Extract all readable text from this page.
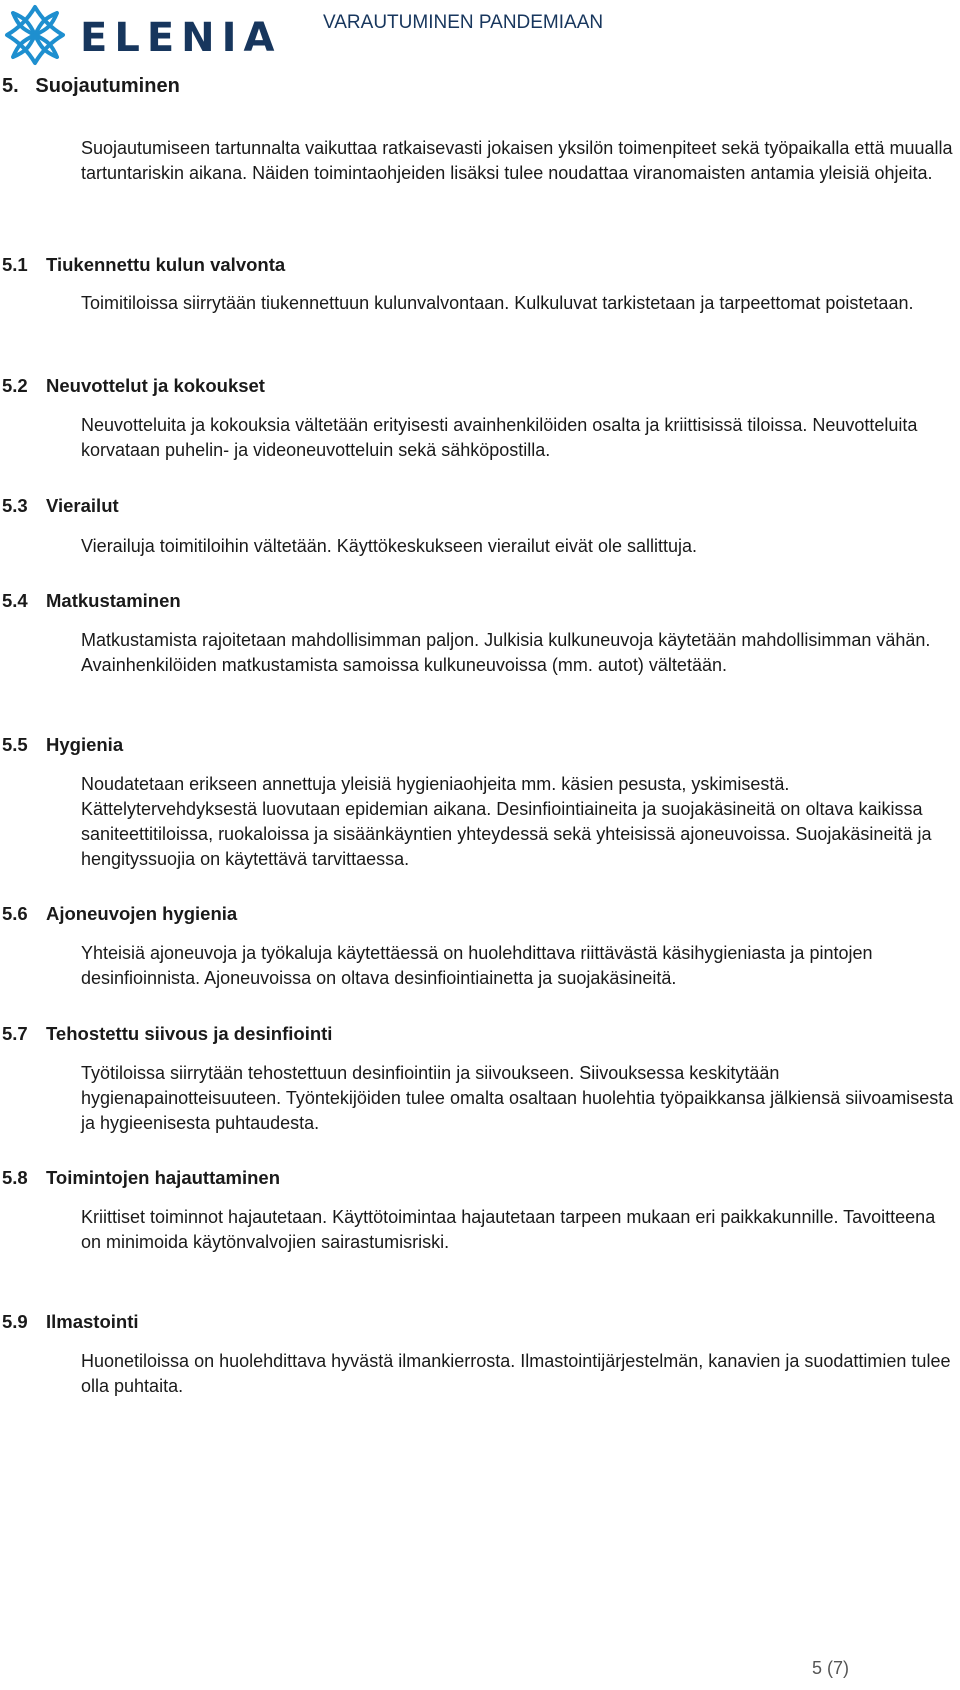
ELENIA VARAUTUMINEN PANDEMIAAN
5.   Suojautuminen
Suojautumiseen tartunnalta vaikuttaa ratkaisevasti jokaisen yksilön toimenpiteet sekä työpaikalla että muualla tartuntariskin aikana. Näiden toimintaohjeiden lisäksi tulee noudattaa viranomaisten antamia yleisiä ohjeita.
5.1 Tiukennettu kulun valvonta
Toimitiloissa siirrytään tiukennettuun kulunvalvontaan. Kulkuluvat tarkistetaan ja tarpeettomat poistetaan.
5.2 Neuvottelut ja kokoukset
Neuvotteluita ja kokouksia vältetään erityisesti avainhenkilöiden osalta ja kriittisissä tiloissa. Neuvotteluita korvataan puhelin- ja videoneuvotteluin sekä sähköpostilla.
5.3 Vierailut
Vierailuja toimitiloihin vältetään. Käyttökeskukseen vierailut eivät ole sallittuja.
5.4 Matkustaminen
Matkustamista rajoitetaan mahdollisimman paljon. Julkisia kulkuneuvoja käytetään mahdollisimman vähän. Avainhenkilöiden matkustamista samoissa kulkuneuvoissa (mm. autot) vältetään.
5.5 Hygienia
Noudatetaan erikseen annettuja yleisiä hygieniaohjeita mm. käsien pesusta, yskimisestä. Kättelytervehdyksestä luovutaan epidemian aikana. Desinfiointiaineita ja suojakäsineitä on oltava kaikissa saniteettitiloissa, ruokaloissa ja sisäänkäyntien yhteydessä sekä yhteisissä ajoneuvoissa. Suojakäsineitä ja hengityssuojia on käytettävä tarvittaessa.
5.6 Ajoneuvojen hygienia
Yhteisiä ajoneuvoja ja työkaluja käytettäessä on huolehdittava riittävästä käsihygieniasta ja pintojen desinfioinnista. Ajoneuvoissa on oltava desinfiointiainetta ja suojakäsineitä.
5.7 Tehostettu siivous ja desinfiointi
Työtiloissa siirrytään tehostettuun desinfiointiin ja siivoukseen. Siivouksessa keskitytään hygienapainotteisuuteen. Työntekijöiden tulee omalta osaltaan huolehtia työpaikkansa jälkiensä siivoamisesta ja hygieenisesta puhtaudesta.
5.8 Toimintojen hajauttaminen
Kriittiset toiminnot hajautetaan. Käyttötoimintaa hajautetaan tarpeen mukaan eri paikkakunnille. Tavoitteena on minimoida käytönvalvojien sairastumisriski.
5.9 Ilmastointi
Huonetiloissa on huolehdittava hyvästä ilmankierrosta. Ilmastointijärjestelmän, kanavien ja suodattimien tulee olla puhtaita.
5 (7)
